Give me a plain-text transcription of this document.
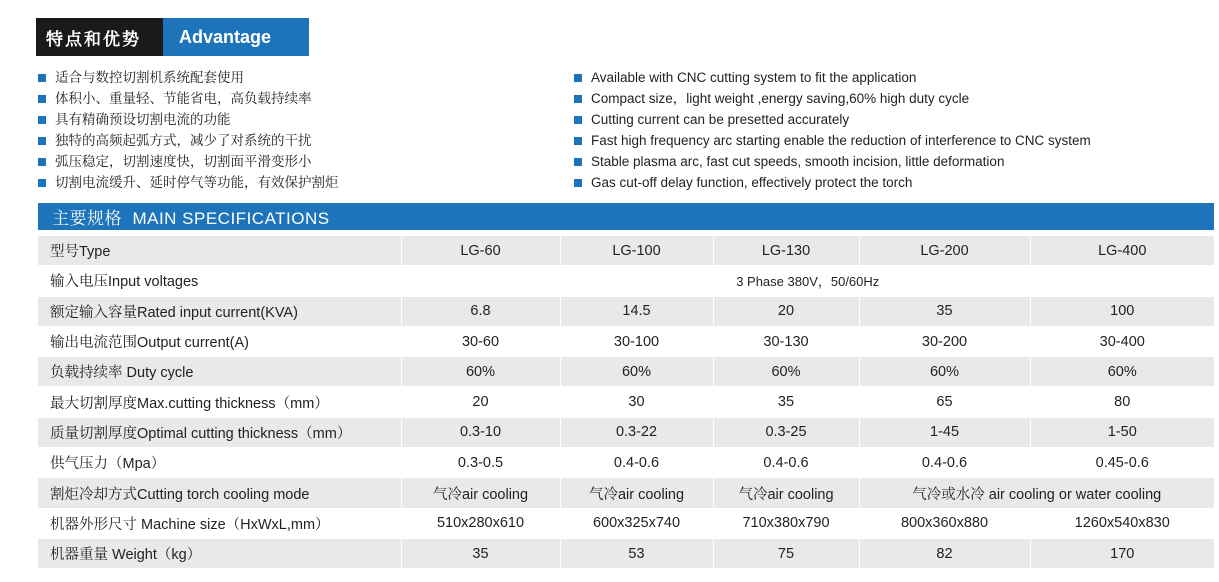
特点和优势	Advantage
适合与数控切割机系统配套使用
体积小、重量轻、节能省电，高负载持续率
具有精确预设切割电流的功能
独特的高频起弧方式，减少了对系统的干扰
弧压稳定，切割速度快，切割面平滑变形小
切割电流缓升、延时停气等功能，有效保护割炬
Available with CNC cutting system to fit the application
Compact size，light weight ,energy saving,60% high duty cycle
Cutting current can be presetted accurately
Fast high frequency arc starting enable the reduction of interference to CNC system
Stable plasma arc, fast cut speeds, smooth incision, little deformation
Gas cut-off delay function, effectively protect the torch
主要规格  MAIN SPECIFICATIONS
型号Type	LG-60	LG-100	LG-130	LG-200	LG-400
输入电压Input voltages	3 Phase 380V，50/60Hz				
额定输入容量Rated input current(KVA)	6.8	14.5	20	35	100
输出电流范围Output current(A)	30-60	30-100	30-130	30-200	30-400
负载持续率 Duty cycle	60%	60%	60%	60%	60%
最大切割厚度Max.cutting thickness（mm）	20	30	35	65	80
质量切割厚度Optimal cutting thickness（mm）	0.3-10	0.3-22	0.3-25	1-45	1-50
供气压力（Mpa）	0.3-0.5	0.4-0.6	0.4-0.6	0.4-0.6	0.45-0.6
割炬冷却方式Cutting torch cooling mode	气冷air cooling	气冷air cooling	气冷air cooling	气冷或水冷 air cooling or water cooling	
机器外形尺寸 Machine size（HxWxL,mm）	510x280x610	600x325x740	710x380x790	800x360x880	1260x540x830
机器重量 Weight（kg）	35	53	75	82	170
